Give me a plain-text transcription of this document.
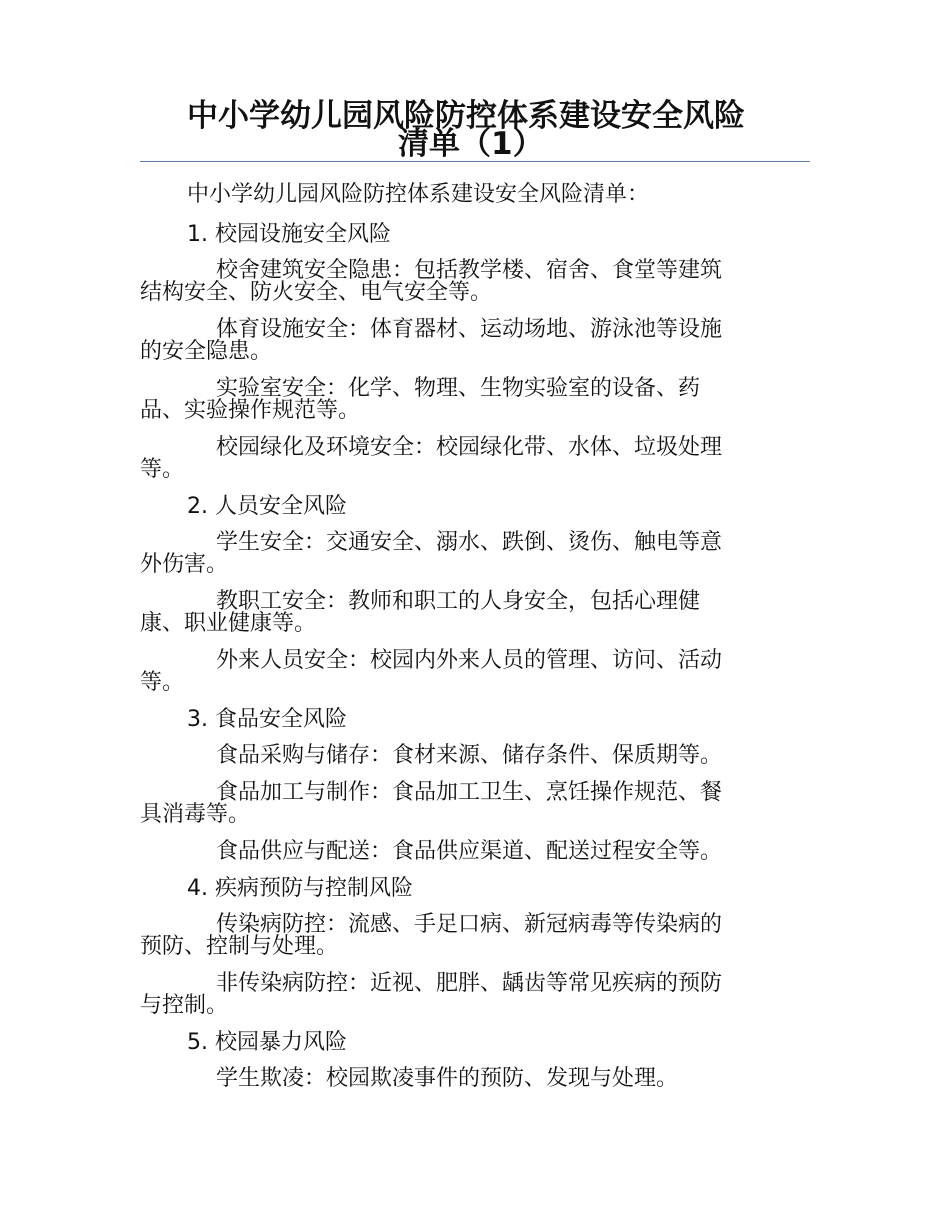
中小学幼儿园风险防控体系建设安全风险
清单（1）
中小学幼儿园风险防控体系建设安全风险清单：
1. 校园设施安全风险
校舍建筑安全隐患：包括教学楼、宿舍、食堂等建筑
结构安全、防火安全、电气安全等。
体育设施安全：体育器材、运动场地、游泳池等设施
的安全隐患。
实验室安全：化学、物理、生物实验室的设备、药
品、实验操作规范等。
校园绿化及环境安全：校园绿化带、水体、垃圾处理
等。
2. 人员安全风险
学生安全：交通安全、溺水、跌倒、烫伤、触电等意
外伤害。
教职工安全：教师和职工的人身安全，包括心理健
康、职业健康等。
外来人员安全：校园内外来人员的管理、访问、活动
等。
3. 食品安全风险
食品采购与储存：食材来源、储存条件、保质期等。
食品加工与制作：食品加工卫生、烹饪操作规范、餐
具消毒等。
食品供应与配送：食品供应渠道、配送过程安全等。
4. 疾病预防与控制风险
传染病防控：流感、手足口病、新冠病毒等传染病的
预防、控制与处理。
非传染病防控：近视、肥胖、龋齿等常见疾病的预防
与控制。
5. 校园暴力风险
学生欺凌：校园欺凌事件的预防、发现与处理。
